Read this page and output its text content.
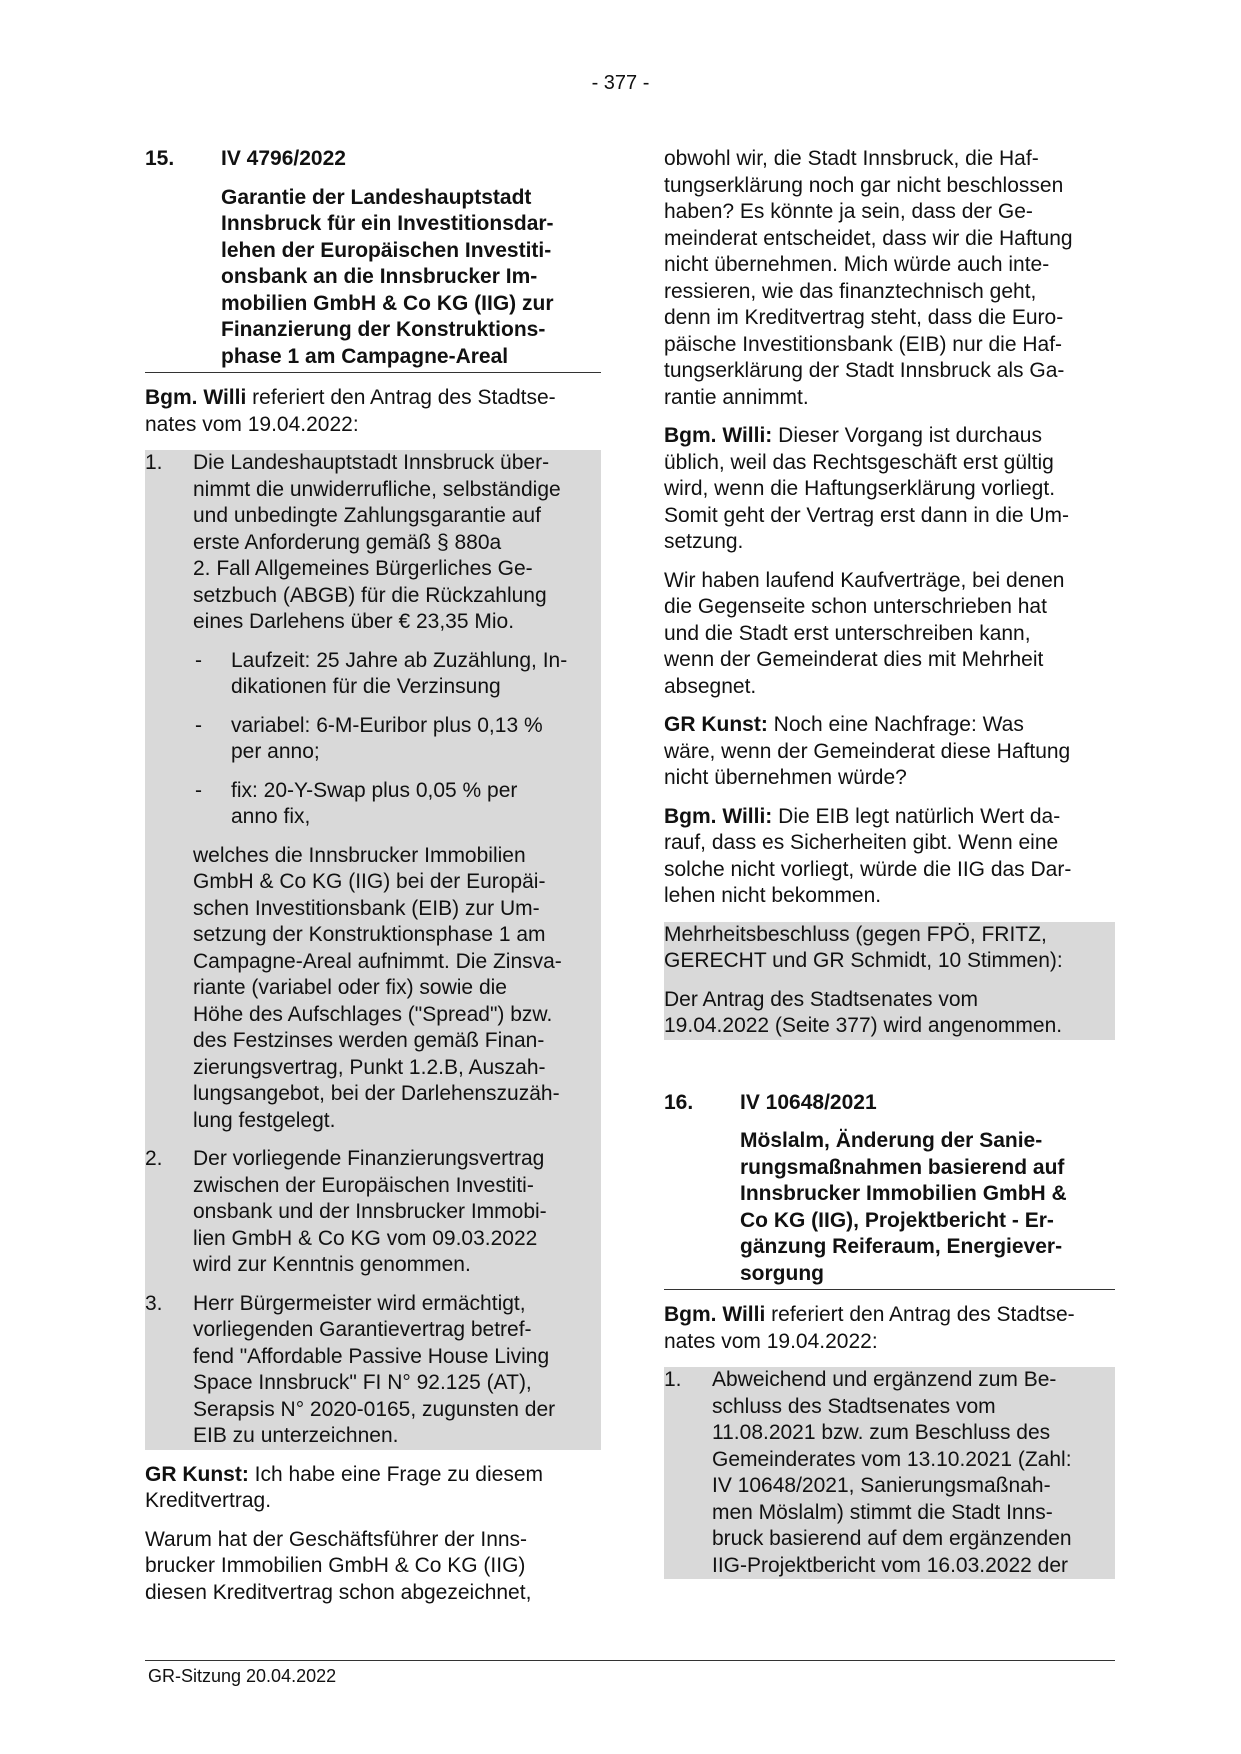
- 377 -
15.	IV 4796/2022
Garantie der Landeshauptstadt
Innsbruck für ein Investitionsdar-
lehen der Europäischen Investiti-
onsbank an die Innsbrucker Im-
mobilien GmbH & Co KG (IIG) zur
Finanzierung der Konstruktions-
phase 1 am Campagne-Areal
Bgm. Willi referiert den Antrag des Stadtse-
nates vom 19.04.2022:
1.	Die Landeshauptstadt Innsbruck über-
nimmt die unwiderrufliche, selbständige
und unbedingte Zahlungsgarantie auf
erste Anforderung gemäß § 880a
2. Fall Allgemeines Bürgerliches Ge-
setzbuch (ABGB) für die Rückzahlung
eines Darlehens über € 23,35 Mio.
-	Laufzeit: 25 Jahre ab Zuzählung, In-
dikationen für die Verzinsung
-	variabel: 6-M-Euribor plus 0,13 %
per anno;
-	fix: 20-Y-Swap plus 0,05 % per
anno fix,
welches die Innsbrucker Immobilien
GmbH & Co KG (IIG) bei der Europäi-
schen Investitionsbank (EIB) zur Um-
setzung der Konstruktionsphase 1 am
Campagne-Areal aufnimmt. Die Zinsva-
riante (variabel oder fix) sowie die
Höhe des Aufschlages ("Spread") bzw.
des Festzinses werden gemäß Finan-
zierungsvertrag, Punkt 1.2.B, Auszah-
lungsangebot, bei der Darlehenszuzäh-
lung festgelegt.
2.	Der vorliegende Finanzierungsvertrag
zwischen der Europäischen Investiti-
onsbank und der Innsbrucker Immobi-
lien GmbH & Co KG vom 09.03.2022
wird zur Kenntnis genommen.
3.	Herr Bürgermeister wird ermächtigt,
vorliegenden Garantievertrag betref-
fend "Affordable Passive House Living
Space Innsbruck" FI N° 92.125 (AT),
Serapsis N° 2020-0165, zugunsten der
EIB zu unterzeichnen.
GR Kunst: Ich habe eine Frage zu diesem
Kreditvertrag.
Warum hat der Geschäftsführer der Inns-
brucker Immobilien GmbH & Co KG (IIG)
diesen Kreditvertrag schon abgezeichnet,
obwohl wir, die Stadt Innsbruck, die Haf-
tungserklärung noch gar nicht beschlossen
haben? Es könnte ja sein, dass der Ge-
meinderat entscheidet, dass wir die Haftung
nicht übernehmen. Mich würde auch inte-
ressieren, wie das finanztechnisch geht,
denn im Kreditvertrag steht, dass die Euro-
päische Investitionsbank (EIB) nur die Haf-
tungserklärung der Stadt Innsbruck als Ga-
rantie annimmt.
Bgm. Willi: Dieser Vorgang ist durchaus
üblich, weil das Rechtsgeschäft erst gültig
wird, wenn die Haftungserklärung vorliegt.
Somit geht der Vertrag erst dann in die Um-
setzung.
Wir haben laufend Kaufverträge, bei denen
die Gegenseite schon unterschrieben hat
und die Stadt erst unterschreiben kann,
wenn der Gemeinderat dies mit Mehrheit
absegnet.
GR Kunst: Noch eine Nachfrage: Was
wäre, wenn der Gemeinderat diese Haftung
nicht übernehmen würde?
Bgm. Willi: Die EIB legt natürlich Wert da-
rauf, dass es Sicherheiten gibt. Wenn eine
solche nicht vorliegt, würde die IIG das Dar-
lehen nicht bekommen.
Mehrheitsbeschluss (gegen FPÖ, FRITZ,
GERECHT und GR Schmidt, 10 Stimmen):
Der Antrag des Stadtsenates vom
19.04.2022 (Seite 377) wird angenommen.
16.	IV 10648/2021
Möslalm, Änderung der Sanie-
rungsmaßnahmen basierend auf
Innsbrucker Immobilien GmbH &
Co KG (IIG), Projektbericht - Er-
gänzung Reiferaum, Energiever-
sorgung
Bgm. Willi referiert den Antrag des Stadtse-
nates vom 19.04.2022:
1.	Abweichend und ergänzend zum Be-
schluss des Stadtsenates vom
11.08.2021 bzw. zum Beschluss des
Gemeinderates vom 13.10.2021 (Zahl:
IV 10648/2021, Sanierungsmaßnah-
men Möslalm) stimmt die Stadt Inns-
bruck basierend auf dem ergänzenden
IIG-Projektbericht vom 16.03.2022 der
GR-Sitzung 20.04.2022
